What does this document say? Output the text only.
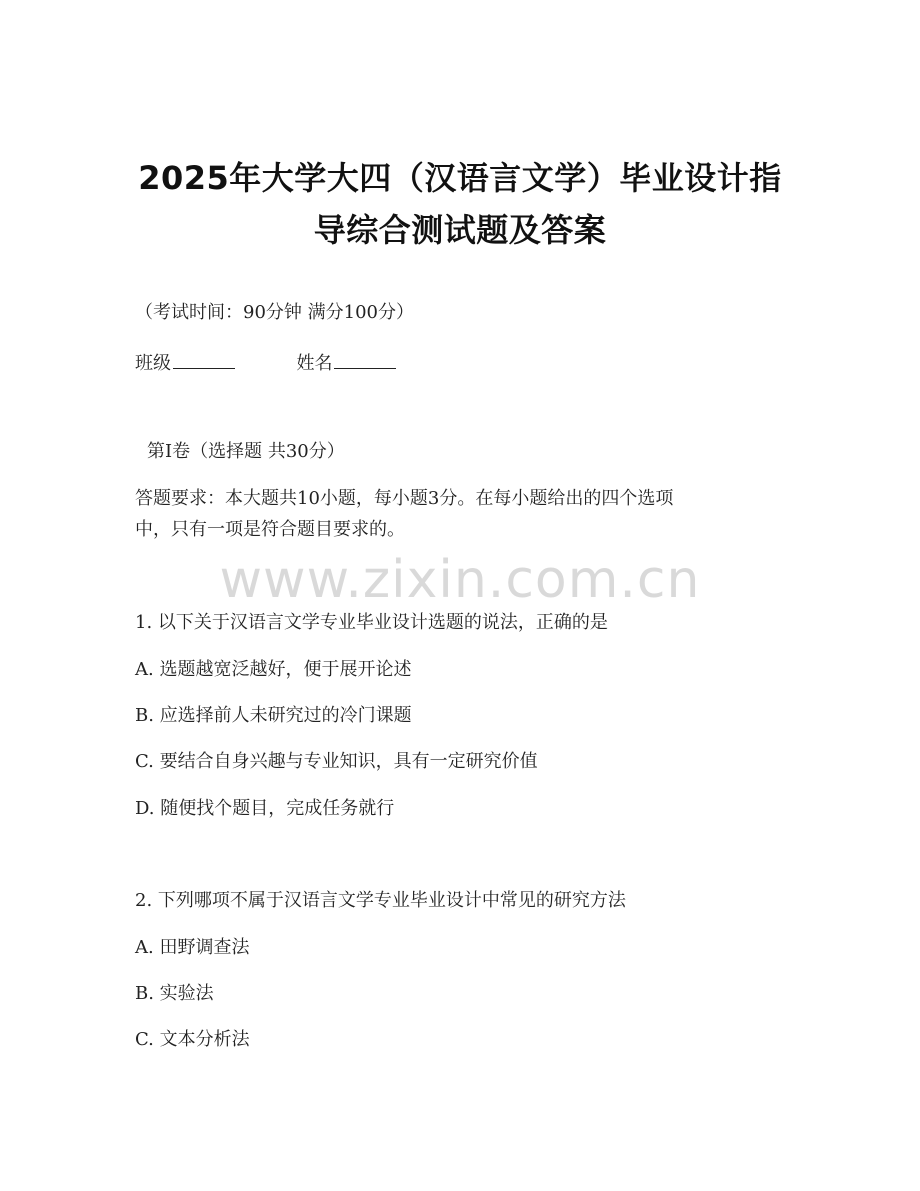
2025年大学大四（汉语言文学）毕业设计指
导综合测试题及答案
（考试时间：90分钟 满分100分）
班级	姓名
第I卷（选择题 共30分）
答题要求：本大题共10小题，每小题3分。在每小题给出的四个选项
中，只有一项是符合题目要求的。
www.zixin.com.cn
1. 以下关于汉语言文学专业毕业设计选题的说法，正确的是
A. 选题越宽泛越好，便于展开论述
B. 应选择前人未研究过的冷门课题
C. 要结合自身兴趣与专业知识，具有一定研究价值
D. 随便找个题目，完成任务就行
2. 下列哪项不属于汉语言文学专业毕业设计中常见的研究方法
A. 田野调查法
B. 实验法
C. 文本分析法
